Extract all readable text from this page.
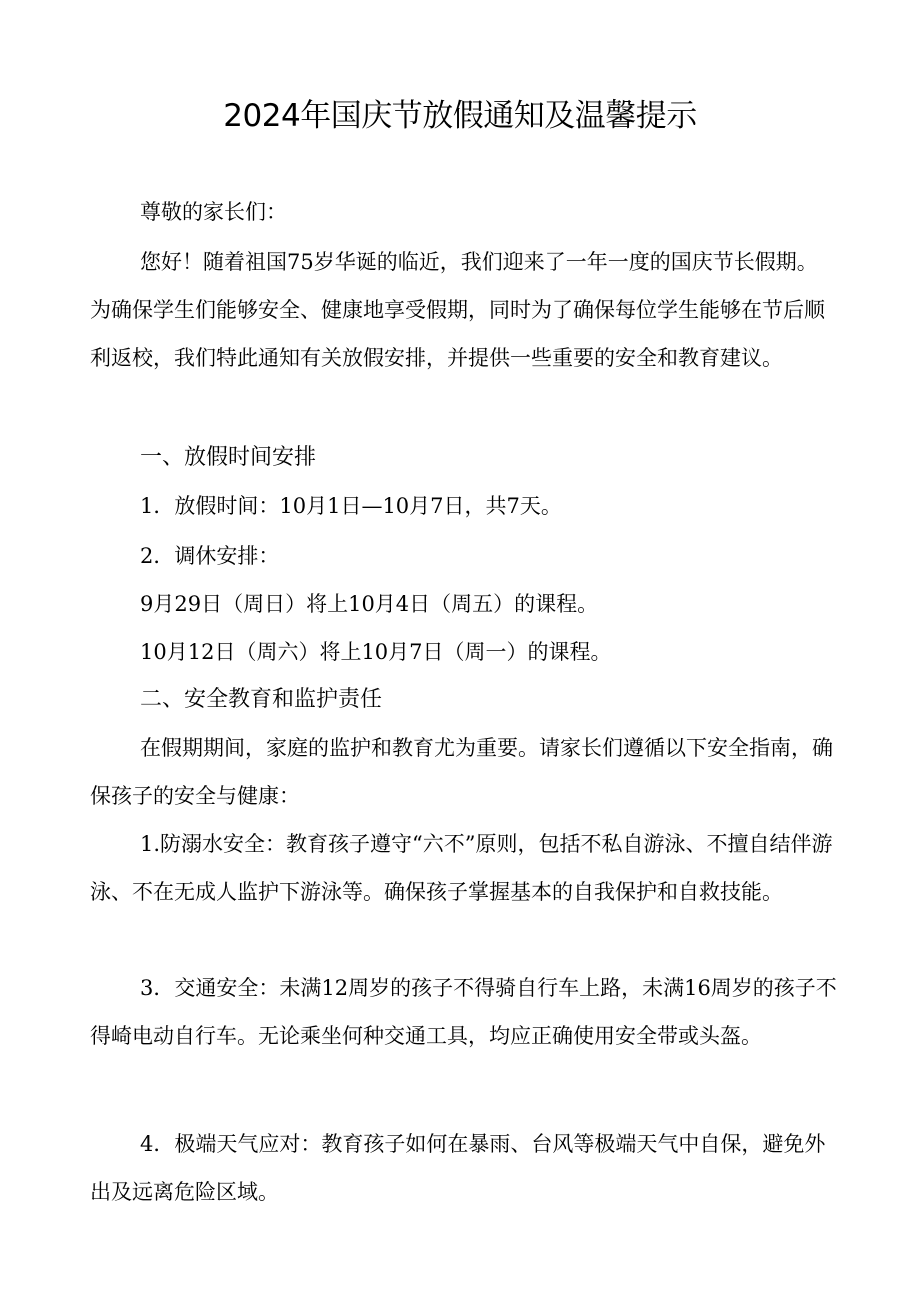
2024年国庆节放假通知及温馨提示

尊敬的家长们：

您好！随着祖国75岁华诞的临近，我们迎来了一年一度的国庆节长假期。为确保学生们能够安全、健康地享受假期，同时为了确保每位学生能够在节后顺利返校，我们特此通知有关放假安排，并提供一些重要的安全和教育建议。

一、放假时间安排

1．放假时间：10月1日—10月7日，共7天。

2．调休安排：

9月29日（周日）将上10月4日（周五）的课程。

10月12日（周六）将上10月7日（周一）的课程。

二、安全教育和监护责任

在假期期间，家庭的监护和教育尤为重要。请家长们遵循以下安全指南，确保孩子的安全与健康：

1.防溺水安全：教育孩子遵守“六不”原则，包括不私自游泳、不擅自结伴游泳、不在无成人监护下游泳等。确保孩子掌握基本的自我保护和自救技能。

3．交通安全：未满12周岁的孩子不得骑自行车上路，未满16周岁的孩子不得崎电动自行车。无论乘坐何种交通工具，均应正确使用安全带或头盔。

4．极端天气应对：教育孩子如何在暴雨、台风等极端天气中自保，避免外出及远离危险区域。
